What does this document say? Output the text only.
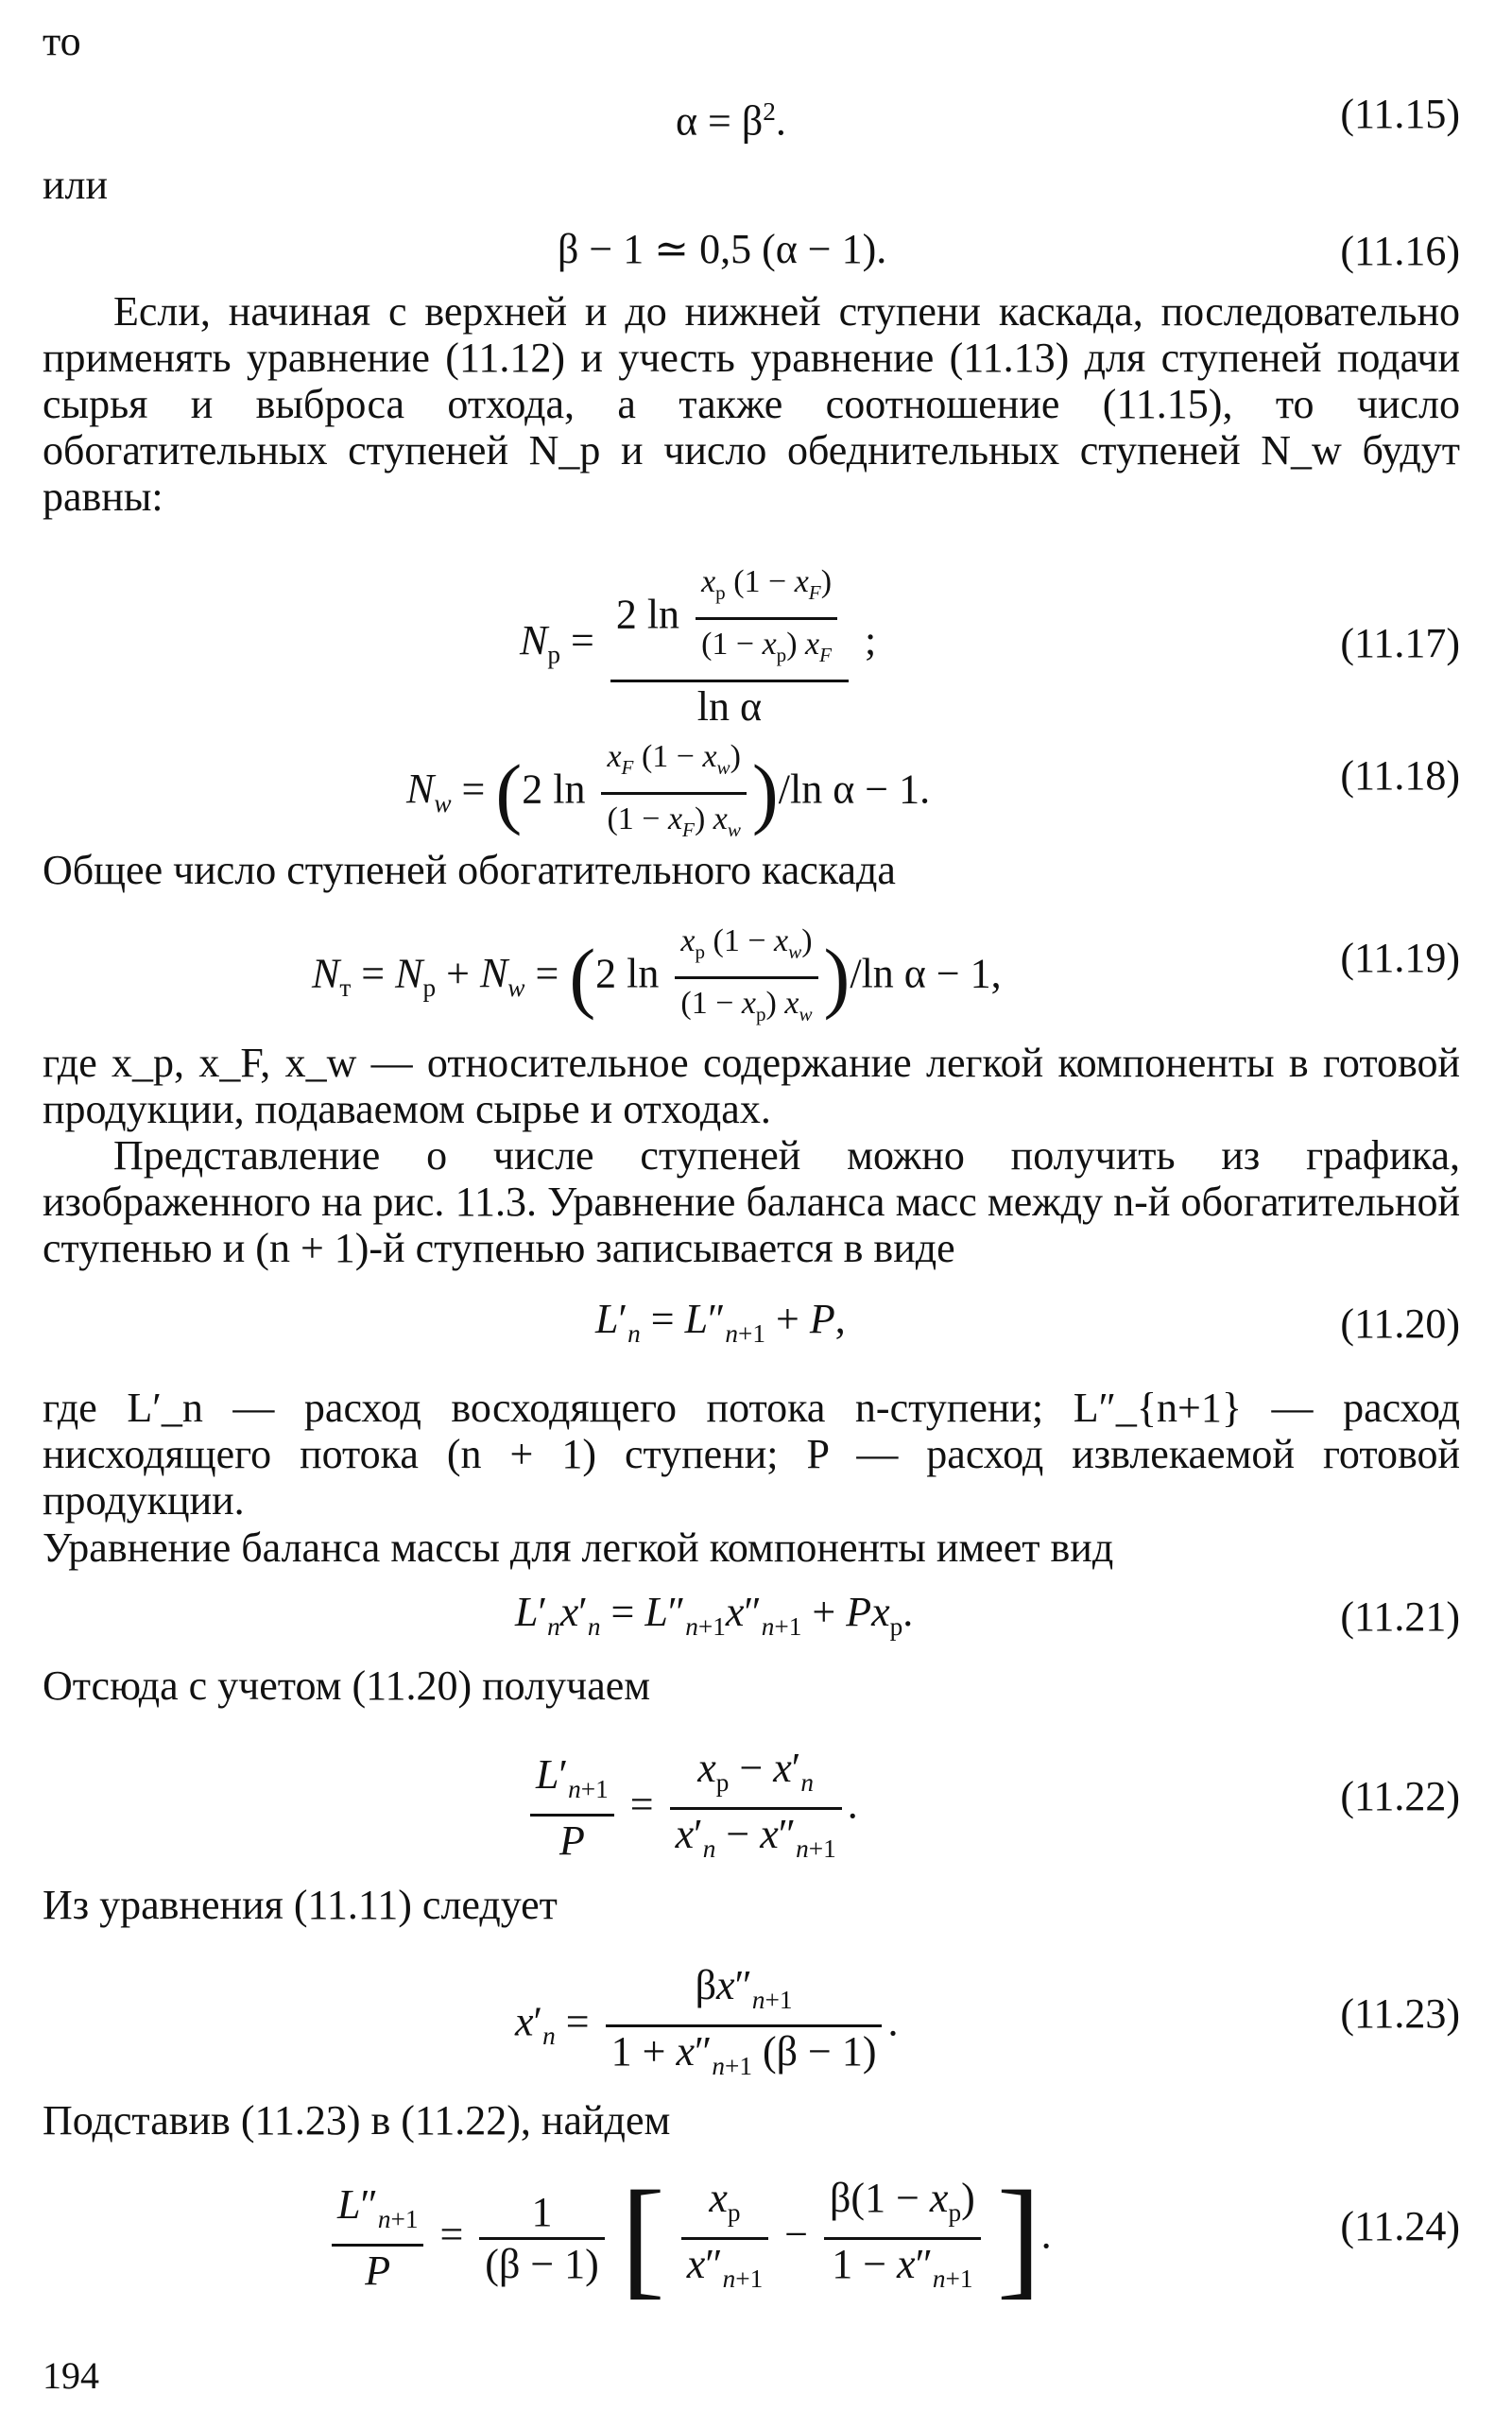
то
$\alpha = \beta^2$.	(11.15)
или
β − 1 ≃ 0,5 (α − 1).	(11.16)
Если, начиная с верхней и до нижней ступени каскада, последовательно применять уравнение (11.12) и учесть уравнение (11.13) для ступеней подачи сырья и выброса отхода, а также соотношение (11.15), то число обогатительных ступеней N_p и число обеднительных ступеней N_w будут равны:
$N_р = \frac{2 \ln \frac{x_р (1 - x_F)}{(1 - x_р) x_F}}{\text{ln α}}$ ;	(11.17)
$N_w = (2$ $\ln \frac{x_F (1 - x_w)}{(1 - x_F) x_w} )/\ln$ α − 1.	(11.18)
Общее число ступеней обогатительного каскада
$N_т = N_р + N_w = (2$ $\ln \frac{x_р (1 - x_w)}{(1 - x_р) x_w} )/\ln$ α − 1,	(11.19)
где x_p, x_F, x_w — относительное содержание легкой компоненты в готовой продукции, подаваемом сырье и отходах.
Представление о числе ступеней можно получить из графика, изображенного на рис. 11.3. Уравнение баланса масс между n-й обогатительной ступенью и (n + 1)-й ступенью записывается в виде
$L'_n = L''_{n+1} + P$,	(11.20)
где L′_n — расход восходящего потока n-ступени; L″_{n+1} — расход нисходящего потока (n + 1) ступени; P — расход извлекаемой готовой продукции.
Уравнение баланса массы для легкой компоненты имеет вид
$L'_nx'_n = L''_{n+1}x''_{n+1} + Px_р$.	(11.21)
Отсюда с учетом (11.20) получаем
$\frac{L'_{n+1}}{P} = \frac{x_р - x'_n}{x'_n - x''_{n+1}}$ .	(11.22)
Из уравнения (11.11) следует
$x'_n = \frac{\beta x''_{n+1}}{1 + x''_{n+1} (\beta - 1)}$ .	(11.23)
Подставив (11.23) в (11.22), найдем
$\frac{L''_{n+1}}{P} = \frac{1}{(\beta - 1)}$ [ $\frac{x_р}{x''_{n+1}} - \frac{\beta(1 - x_р)}{1 - x''_{n+1}}$ ].	(11.24)
194
